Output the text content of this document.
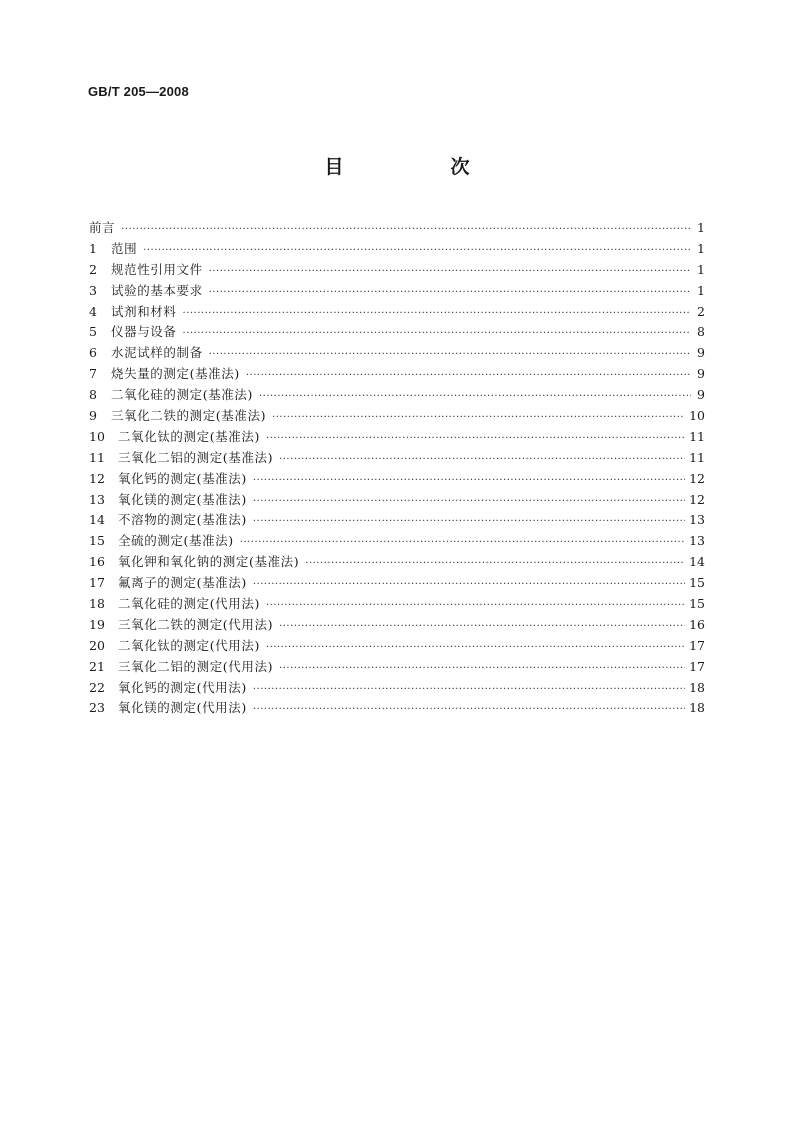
GB/T 205—2008
目　次
前言 ·····	1
1	范围 ·····	1
2	规范性引用文件 ·····	1
3	试验的基本要求 ·····	1
4	试剂和材料 ·····	2
5	仪器与设备 ·····	8
6	水泥试样的制备 ·····	9
7	烧失量的测定(基准法) ·····	9
8	二氧化硅的测定(基准法) ·····	9
9	三氧化二铁的测定(基准法) ·····	10
10	二氧化钛的测定(基准法) ·····	11
11	三氧化二铝的测定(基准法) ·····	11
12	氧化钙的测定(基准法) ·····	12
13	氧化镁的测定(基准法) ·····	12
14	不溶物的测定(基准法) ·····	13
15	全硫的测定(基准法) ·····	13
16	氧化钾和氧化钠的测定(基准法) ·····	14
17	氟离子的测定(基准法) ·····	15
18	二氧化硅的测定(代用法) ·····	15
19	三氧化二铁的测定(代用法) ·····	16
20	二氧化钛的测定(代用法) ·····	17
21	三氧化二铝的测定(代用法) ·····	17
22	氧化钙的测定(代用法) ·····	18
23	氧化镁的测定(代用法) ·····	18
